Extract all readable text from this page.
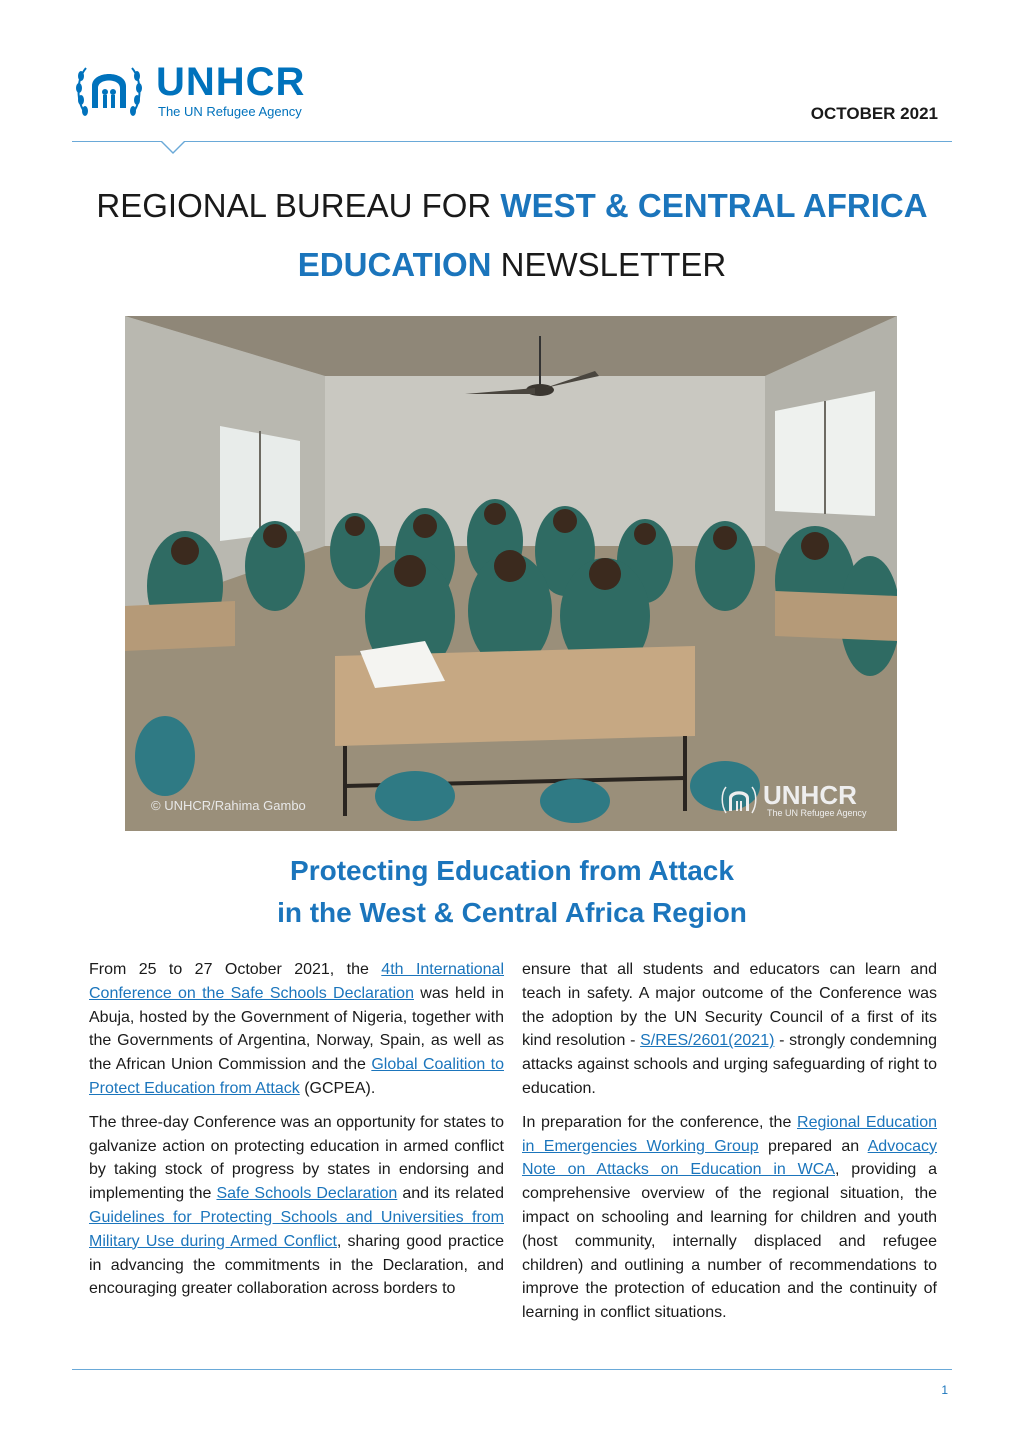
UNHCR
The UN Refugee Agency	OCTOBER 2021
REGIONAL BUREAU FOR WEST & CENTRAL AFRICA
EDUCATION NEWSLETTER
© UNHCR/Rahima Gambo	UNHCR
The UN Refugee Agency
Protecting Education from Attack
in the West & Central Africa Region

From 25 to 27 October 2021, the 4th International Conference on the Safe Schools Declaration was held in Abuja, hosted by the Government of Nigeria, together with the Governments of Argentina, Norway, Spain, as well as the African Union Commission and the Global Coalition to Protect Education from Attack (GCPEA).

The three-day Conference was an opportunity for states to galvanize action on protecting education in armed conflict by taking stock of progress by states in endorsing and implementing the Safe Schools Declaration and its related Guidelines for Protecting Schools and Universities from Military Use during Armed Conflict, sharing good practice in advancing the commitments in the Declaration, and encouraging greater collaboration across borders to

ensure that all students and educators can learn and teach in safety. A major outcome of the Conference was the adoption by the UN Security Council of a first of its kind resolution - S/RES/2601(2021) - strongly condemning attacks against schools and urging safeguarding of right to education.

In preparation for the conference, the Regional Education in Emergencies Working Group prepared an Advocacy Note on Attacks on Education in WCA, providing a comprehensive overview of the regional situation, the impact on schooling and learning for children and youth (host community, internally displaced and refugee children) and outlining a number of recommendations to improve the protection of education and the continuity of learning in conflict situations.

1
